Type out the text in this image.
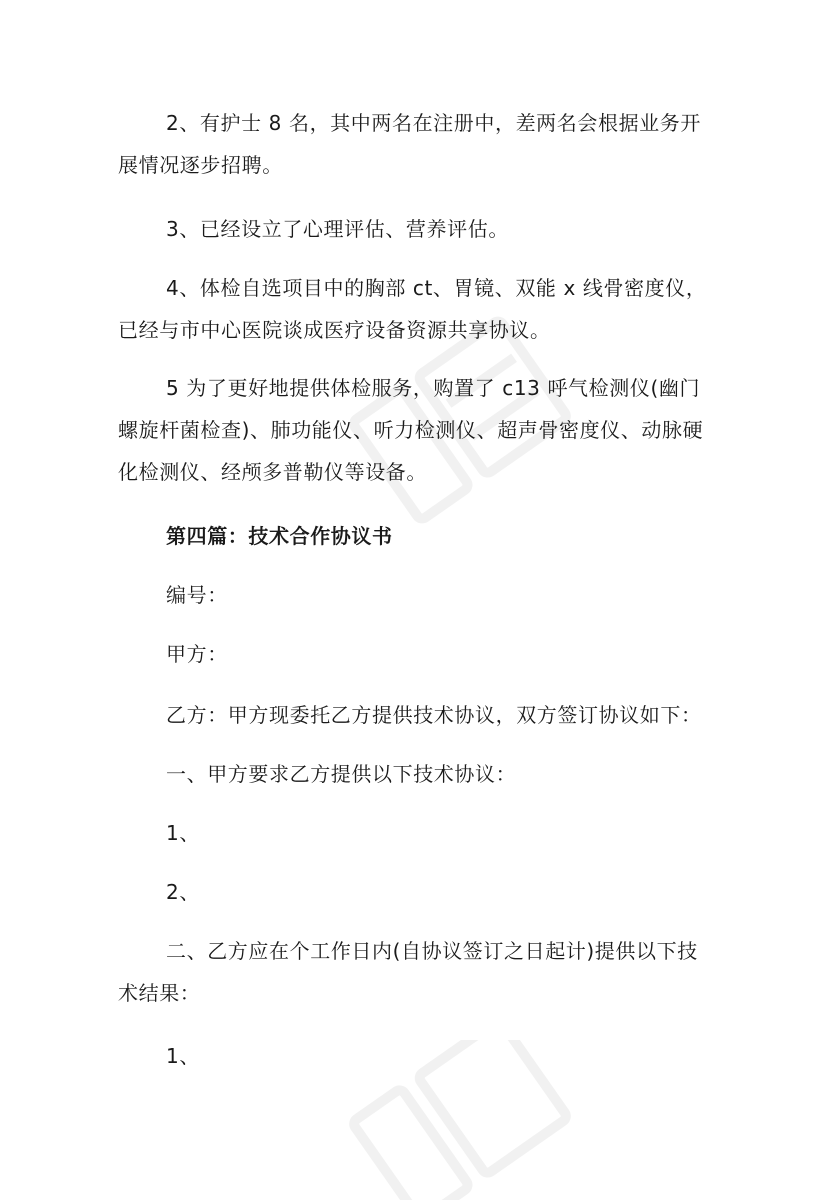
2、有护士 8 名，其中两名在注册中，差两名会根据业务开展情况逐步招聘。

3、已经设立了心理评估、营养评估。

4、体检自选项目中的胸部 ct、胃镜、双能 x 线骨密度仪，已经与市中心医院谈成医疗设备资源共享协议。

5 为了更好地提供体检服务，购置了 c13 呼气检测仪(幽门螺旋杆菌检查)、肺功能仪、听力检测仪、超声骨密度仪、动脉硬化检测仪、经颅多普勒仪等设备。

第四篇：技术合作协议书

编号：

甲方：

乙方：甲方现委托乙方提供技术协议，双方签订协议如下：

一、甲方要求乙方提供以下技术协议：

1、

2、

二、乙方应在个工作日内(自协议签订之日起计)提供以下技术结果：

1、
